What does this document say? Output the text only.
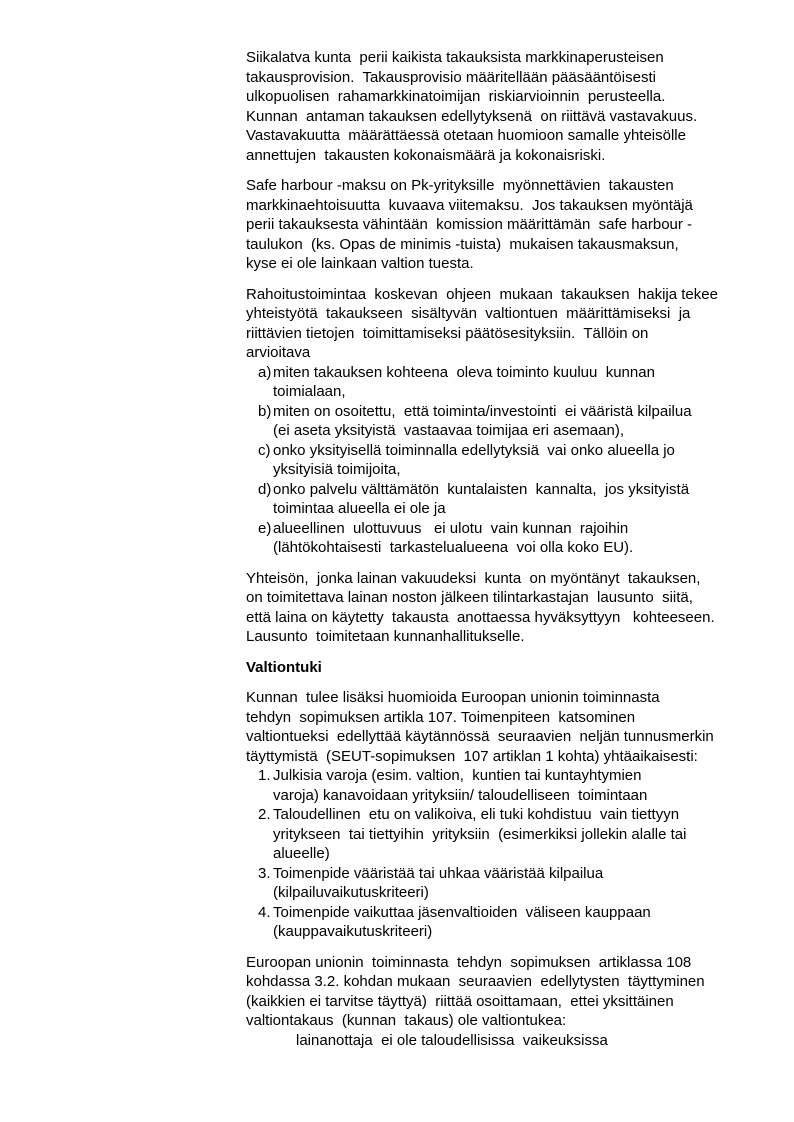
Siikalatva kunta  perii kaikista takauksista markkinaperusteisen
takausprovision.  Takausprovisio määritellään pääsääntöisesti
ulkopuolisen  rahamarkkinatoimijan  riskiarvioinnin  perusteella.
Kunnan  antaman takauksen edellytyksenä  on riittävä vastavakuus.
Vastavakuutta  määrättäessä otetaan huomioon samalle yhteisölle
annettujen  takausten kokonaismäärä ja kokonaisriski.
Safe harbour -maksu on Pk-yrityksille  myönnettävien  takausten
markkinaehtoisuutta  kuvaava viitemaksu.  Jos takauksen myöntäjä
perii takauksesta vähintään  komission määrittämän  safe harbour -
taulukon  (ks. Opas de minimis -tuista)  mukaisen takausmaksun,
kyse ei ole lainkaan valtion tuesta.
Rahoitustoimintaa  koskevan  ohjeen  mukaan  takauksen  hakija tekee
yhteistyötä  takaukseen  sisältyvän  valtiontuen  määrittämiseksi  ja
riittävien tietojen  toimittamiseksi päätösesityksiin.  Tällöin on
arvioitava
a) miten takauksen kohteena  oleva toiminto kuuluu  kunnan
toimialaan,
b) miten on osoitettu,  että toiminta/investointi  ei vääristä kilpailua
(ei aseta yksityistä  vastaavaa toimijaa eri asemaan),
c) onko yksityisellä toiminnalla edellytyksiä  vai onko alueella jo
yksityisiä toimijoita,
d) onko palvelu välttämätön  kuntalaisten  kannalta,  jos yksityistä
toimintaa alueella ei ole ja
e) alueellinen  ulottuvuus   ei ulotu  vain kunnan  rajoihin
(lähtökohtaisesti  tarkastelualueena  voi olla koko EU).
Yhteisön,  jonka lainan vakuudeksi  kunta  on myöntänyt  takauksen,
on toimitettava lainan noston jälkeen tilintarkastajan  lausunto  siitä,
että laina on käytetty  takausta  anottaessa hyväksyttyyn   kohteeseen.
Lausunto  toimitetaan kunnanhallitukselle.
Valtiontuki
Kunnan  tulee lisäksi huomioida Euroopan unionin toiminnasta
tehdyn  sopimuksen artikla 107. Toimenpiteen  katsominen
valtiontueksi  edellyttää käytännössä  seuraavien  neljän tunnusmerkin
täyttymistä  (SEUT-sopimuksen  107 artiklan 1 kohta) yhtäaikaisesti:
1. Julkisia varoja (esim. valtion,  kuntien tai kuntayhtymien
varoja) kanavoidaan yrityksiin/ taloudelliseen  toimintaan
2. Taloudellinen  etu on valikoiva, eli tuki kohdistuu  vain tiettyyn
yritykseen  tai tiettyihin  yrityksiin  (esimerkiksi jollekin alalle tai
alueelle)
3. Toimenpide vääristää tai uhkaa vääristää kilpailua
(kilpailuvaikutuskriteeri)
4. Toimenpide vaikuttaa jäsenvaltioiden  väliseen kauppaan
(kauppavaikutuskriteeri)
Euroopan unionin  toiminnasta  tehdyn  sopimuksen  artiklassa 108
kohdassa 3.2. kohdan mukaan  seuraavien  edellytysten  täyttyminen
(kaikkien ei tarvitse täyttyä)  riittää osoittamaan,  ettei yksittäinen
valtiontakaus  (kunnan  takaus) ole valtiontukea:
lainanottaja  ei ole taloudellisissa  vaikeuksissa
